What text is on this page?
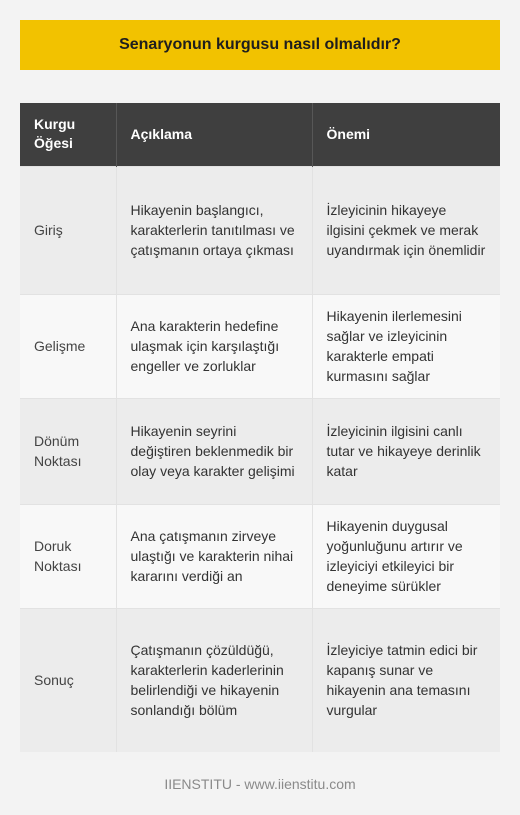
Senaryonun kurgusu nasıl olmalıdır?
Kurgu Öğesi	Açıklama	Önemi
Giriş	Hikayenin başlangıcı, karakterlerin tanıtılması ve çatışmanın ortaya çıkması	İzleyicinin hikayeye ilgisini çekmek ve merak uyandırmak için önemlidir
Gelişme	Ana karakterin hedefine ulaşmak için karşılaştığı engeller ve zorluklar	Hikayenin ilerlemesini sağlar ve izleyicinin karakterle empati kurmasını sağlar
Dönüm Noktası	Hikayenin seyrini değiştiren beklenmedik bir olay veya karakter gelişimi	İzleyicinin ilgisini canlı tutar ve hikayeye derinlik katar
Doruk Noktası	Ana çatışmanın zirveye ulaştığı ve karakterin nihai kararını verdiği an	Hikayenin duygusal yoğunluğunu artırır ve izleyiciyi etkileyici bir deneyime sürükler
Sonuç	Çatışmanın çözüldüğü, karakterlerin kaderlerinin belirlendiği ve hikayenin sonlandığı bölüm	İzleyiciye tatmin edici bir kapanış sunar ve hikayenin ana temasını vurgular
IIENSTITU - www.iienstitu.com
